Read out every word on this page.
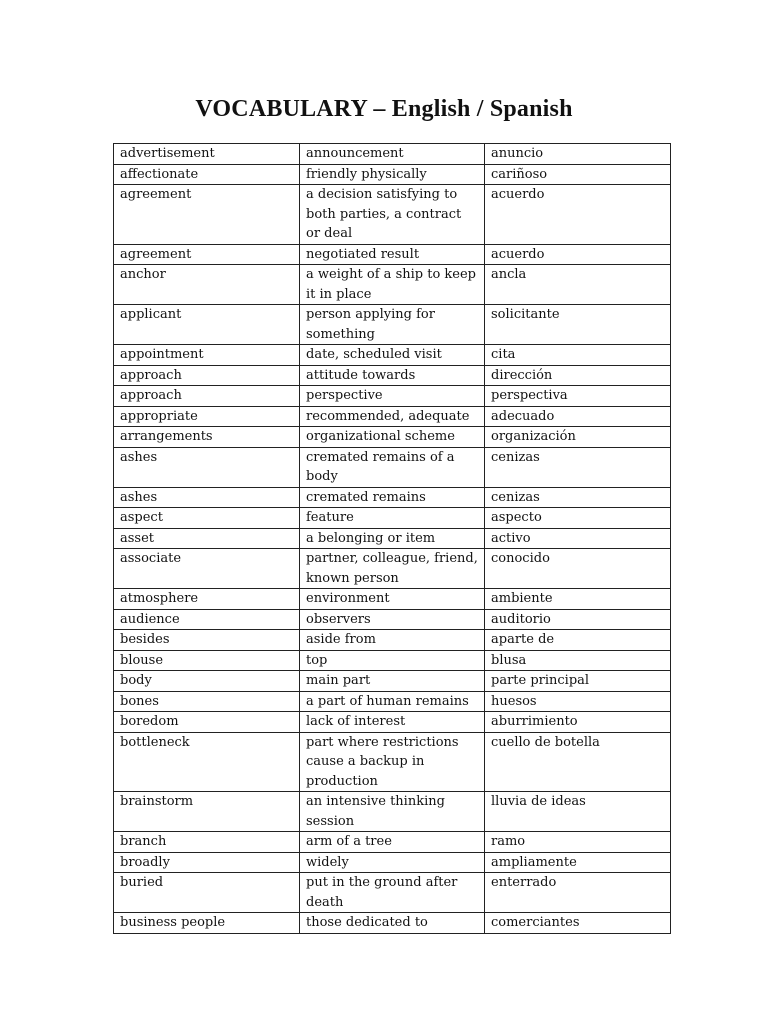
VOCABULARY – English / Spanish
advertisement	announcement	anuncio
affectionate	friendly physically	cariñoso
agreement	a decision satisfying to both parties, a contract or deal	acuerdo
agreement	negotiated result	acuerdo
anchor	a weight of a ship to keep it in place	ancla
applicant	person applying for something	solicitante
appointment	date, scheduled visit	cita
approach	attitude towards	dirección
approach	perspective	perspectiva
appropriate	recommended, adequate	adecuado
arrangements	organizational scheme	organización
ashes	cremated remains of a body	cenizas
ashes	cremated remains	cenizas
aspect	feature	aspecto
asset	a belonging or item	activo
associate	partner, colleague, friend, known person	conocido
atmosphere	environment	ambiente
audience	observers	auditorio
besides	aside from	aparte de
blouse	top	blusa
body	main part	parte principal
bones	a part of human remains	huesos
boredom	lack of interest	aburrimiento
bottleneck	part where restrictions cause a backup in production	cuello de botella
brainstorm	an intensive thinking session	lluvia de ideas
branch	arm of a tree	ramo
broadly	widely	ampliamente
buried	put in the ground after death	enterrado
business people	those dedicated to	comerciantes
